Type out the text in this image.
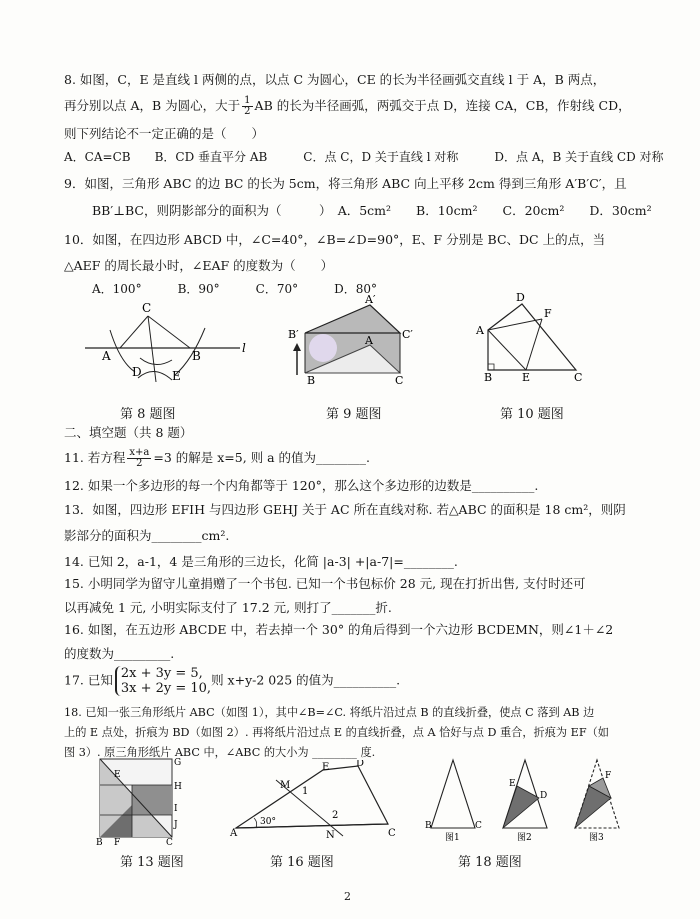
8. 如图，C，E 是直线 l 两侧的点，以点 C 为圆心，CE 的长为半径画弧交直线 l 于 A，B 两点，
再分别以点 A，B 为圆心，大于 $\frac{1}{2}$ AB 的长为半径画弧，两弧交于点 D，连接 CA，CB，作射线 CD，
则下列结论不一定正确的是（　　）
A．CA=CB　　B．CD 垂直平分 AB　　　C．点 C，D 关于直线 l 对称　　　D．点 A，B 关于直线 CD 对称
9．如图，三角形 ABC 的边 BC 的长为 5cm，将三角形 ABC 向上平移 2cm 得到三角形 A′B′C′，且
BB′⊥BC，则阴影部分的面积为（　　　）　A．5cm²　　B．10cm²　　C．20cm²　　D．30cm²
10．如图，在四边形 ABCD 中，∠C=40°，∠B=∠D=90°，E、F 分别是 BC、DC 上的点，当
△AEF 的周长最小时，∠EAF 的度数为（　　）
A．100°　　　B．90°　　　C．70°　　　D．80°
C
A	B
D	E
l
A′
B′	C′
A
B	C
D
F
A
B	E	C
第 8 题图	第 9 题图	第 10 题图
二、填空题（共 8 题）
11. 若方程 $\frac{x+a}{2} =3$ 的解是 x=5, 则 a 的值为________.
12. 如果一个多边形的每一个内角都等于 120°，那么这个多边形的边数是__________.
13．如图，四边形 EFIH 与四边形 GEHJ 关于 AC 所在直线对称. 若△ABC 的面积是 18 cm²，则阴
影部分的面积为________cm².
14. 已知 2，a-1，4 是三角形的三边长，化简 |a-3| +|a-7|=________.
15. 小明同学为留守儿童捐赠了一个书包. 已知一个书包标价 28 元, 现在打折出售, 支付时还可
以再减免 1 元, 小明实际支付了 17.2 元, 则打了_______折.
16. 如图，在五边形 ABCDE 中，若去掉一个 30° 的角后得到一个六边形 BCDEMN，则∠1＋∠2
的度数为_________.
17. 已知 2x + 3y = 5,
3x + 2y = 10,
则 x+y-2 025 的值为__________.
18. 已知一张三角形纸片 ABC（如图 1），其中∠B=∠C. 将纸片沿过点 B 的直线折叠，使点 C 落到 AB 边
上的 E 点处，折痕为 BD（如图 2）. 再将纸片沿过点 E 的直线折叠，点 A 恰好与点 D 重合，折痕为 EF（如
图 3）. 原三角形纸片 ABC 中，∠ABC 的大小为 ________ 度.
E
G
H
I
J
B F	C
E	D
M
1
2
A
30°
N	C
E
D
F
B	C
图1	图2	图3
第 13 题图	第 16 题图	第 18 题图
2
